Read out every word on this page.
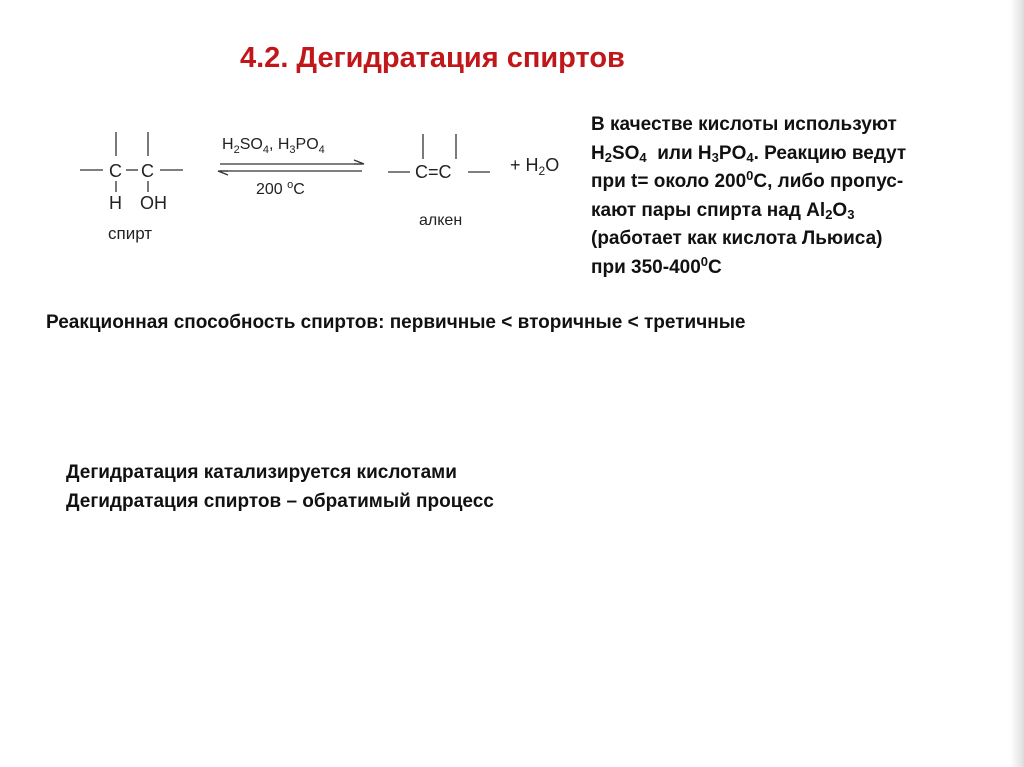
4.2. Дегидратация спиртов
C C
H OH
спирт
$H_2SO_4$, $H_3PO_4$
200 $^o$C
C=C
алкен
+ $H_2O$
В качестве кислоты используют
$H_2SO_4$  или $H_3PO_4$. Реакцию ведут
при t= около $200^0С$, либо пропус-
кают пары спирта над $Al_2O_3$
(работает как кислота Льюиса)
при $350-400^0С$
Реакционная способность спиртов: первичные < вторичные < третичные
Дегидратация катализируется кислотами
Дегидратация спиртов – обратимый процесс
